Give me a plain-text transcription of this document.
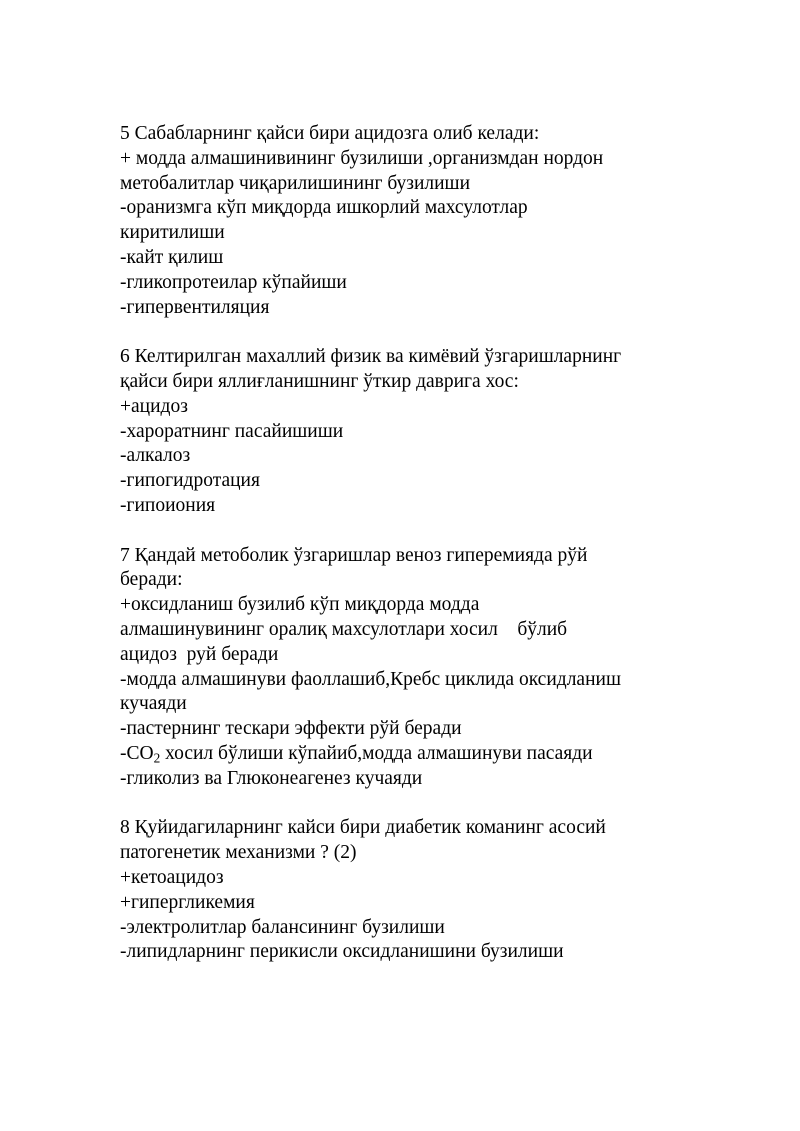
5 Сабабларнинг қайси бири ацидозга олиб келади:
+ модда алмашинивининг бузилиши ,организмдан нордон
метобалитлар чиқарилишининг бузилиши
-оранизмга кўп миқдорда ишкорлий махсулотлар
киритилиши
-кайт қилиш
-гликопротеилар кўпайиши
-гипервентиляция
6 Келтирилган махаллий физик ва кимёвий ўзгаришларнинг
қайси бири яллиғланишнинг ўткир даврига хос:
+ацидоз
-хароратнинг пасайишиши
-алкалоз
-гипогидротация
-гипоиония
7 Қандай метоболик ўзгаришлар веноз гиперемияда рўй
беради:
+оксидланиш бузилиб кўп миқдорда модда
алмашинувининг оралиқ махсулотлари хосил    бўлиб
ацидоз  руй беради
-модда алмашинуви фаоллашиб,Кребс циклида оксидланиш
кучаяди
-пастернинг тескари эффекти рўй беради
$-CO_2$ хосил бўлиши кўпайиб,модда алмашинуви пасаяди
-гликолиз ва Глюконеагенез кучаяди
8 Қуйидагиларнинг кайси бири диабетик команинг асосий
патогенетик механизми ? (2)
+кетоацидоз
+гипергликемия
-электролитлар балансининг бузилиши
-липидларнинг перикисли оксидланишини бузилиши
